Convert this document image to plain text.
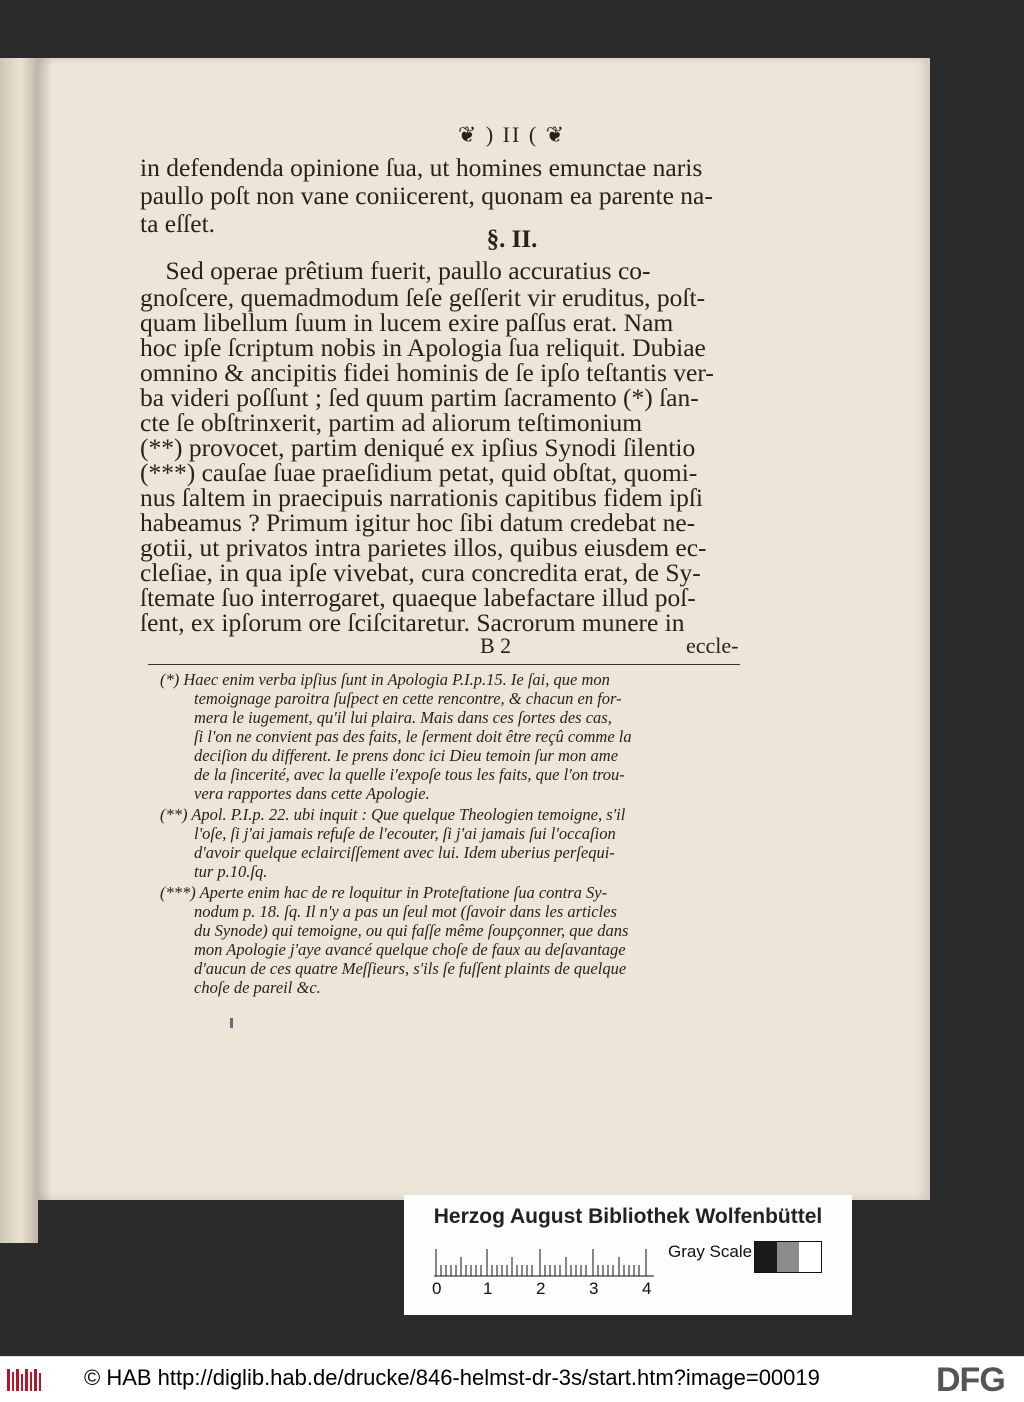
❦ ) II ( ❦
in defendenda opinione ſua, ut homines emunctae naris
paullo poſt non vane coniicerent, quonam ea parente na-
ta eſſet.
§. II.
Sed operae prêtium fuerit, paullo accuratius co-
gnoſcere, quemadmodum ſeſe geſſerit vir eruditus, poſt-
quam libellum ſuum in lucem exire paſſus erat. Nam
hoc ipſe ſcriptum nobis in Apologia ſua reliquit. Dubiae
omnino & ancipitis fidei hominis de ſe ipſo teſtantis ver-
ba videri poſſunt ; ſed quum partim ſacramento (*) ſan-
cte ſe obſtrinxerit, partim ad aliorum teſtimonium
(**) provocet, partim deniqué ex ipſius Synodi ſilentio
(***) cauſae ſuae praeſidium petat, quid obſtat, quomi-
nus ſaltem in praecipuis narrationis capitibus fidem ipſi
habeamus ? Primum igitur hoc ſibi datum credebat ne-
gotii, ut privatos intra parietes illos, quibus eiusdem ec-
cleſiae, in qua ipſe vivebat, cura concredita erat, de Sy-
ſtemate ſuo interrogaret, quaeque labefactare illud poſ-
ſent, ex ipſorum ore ſciſcitaretur. Sacrorum munere in
B 2	eccle-
(*) Haec enim verba ipſius ſunt in Apologia P.I.p.15. Ie ſai, que mon
temoignage paroitra ſuſpect en cette rencontre, & chacun en for-
mera le iugement, qu'il lui plaira. Mais dans ces ſortes des cas,
ſi l'on ne convient pas des faits, le ſerment doit être reçû comme la
deciſion du different. Ie prens donc ici Dieu temoin ſur mon ame
de la ſincerité, avec la quelle i'expoſe tous les faits, que l'on trou-
vera rapportes dans cette Apologie.
(**) Apol. P.I.p. 22. ubi inquit : Que quelque Theologien temoigne, s'il
l'oſe, ſi j'ai jamais refuſe de l'ecouter, ſi j'ai jamais ſui l'occaſion
d'avoir quelque eclairciſſement avec lui. Idem uberius perſequi-
tur p.10.ſq.
(***) Aperte enim hac de re loquitur in Proteſtatione ſua contra Sy-
nodum p. 18. ſq. Il n'y a pas un ſeul mot (ſavoir dans les articles
du Synode) qui temoigne, ou qui faſſe même ſoupçonner, que dans
mon Apologie j'aye avancé quelque choſe de faux au deſavantage
d'aucun de ces quatre Meſſieurs, s'ils ſe fuſſent plaints de quelque
choſe de pareil &c.
Herzog August Bibliothek Wolfenbüttel
0 1	2	3	4
Gray Scale
© HAB http://diglib.hab.de/drucke/846-helmst-dr-3s/start.htm?image=00019	DFG
